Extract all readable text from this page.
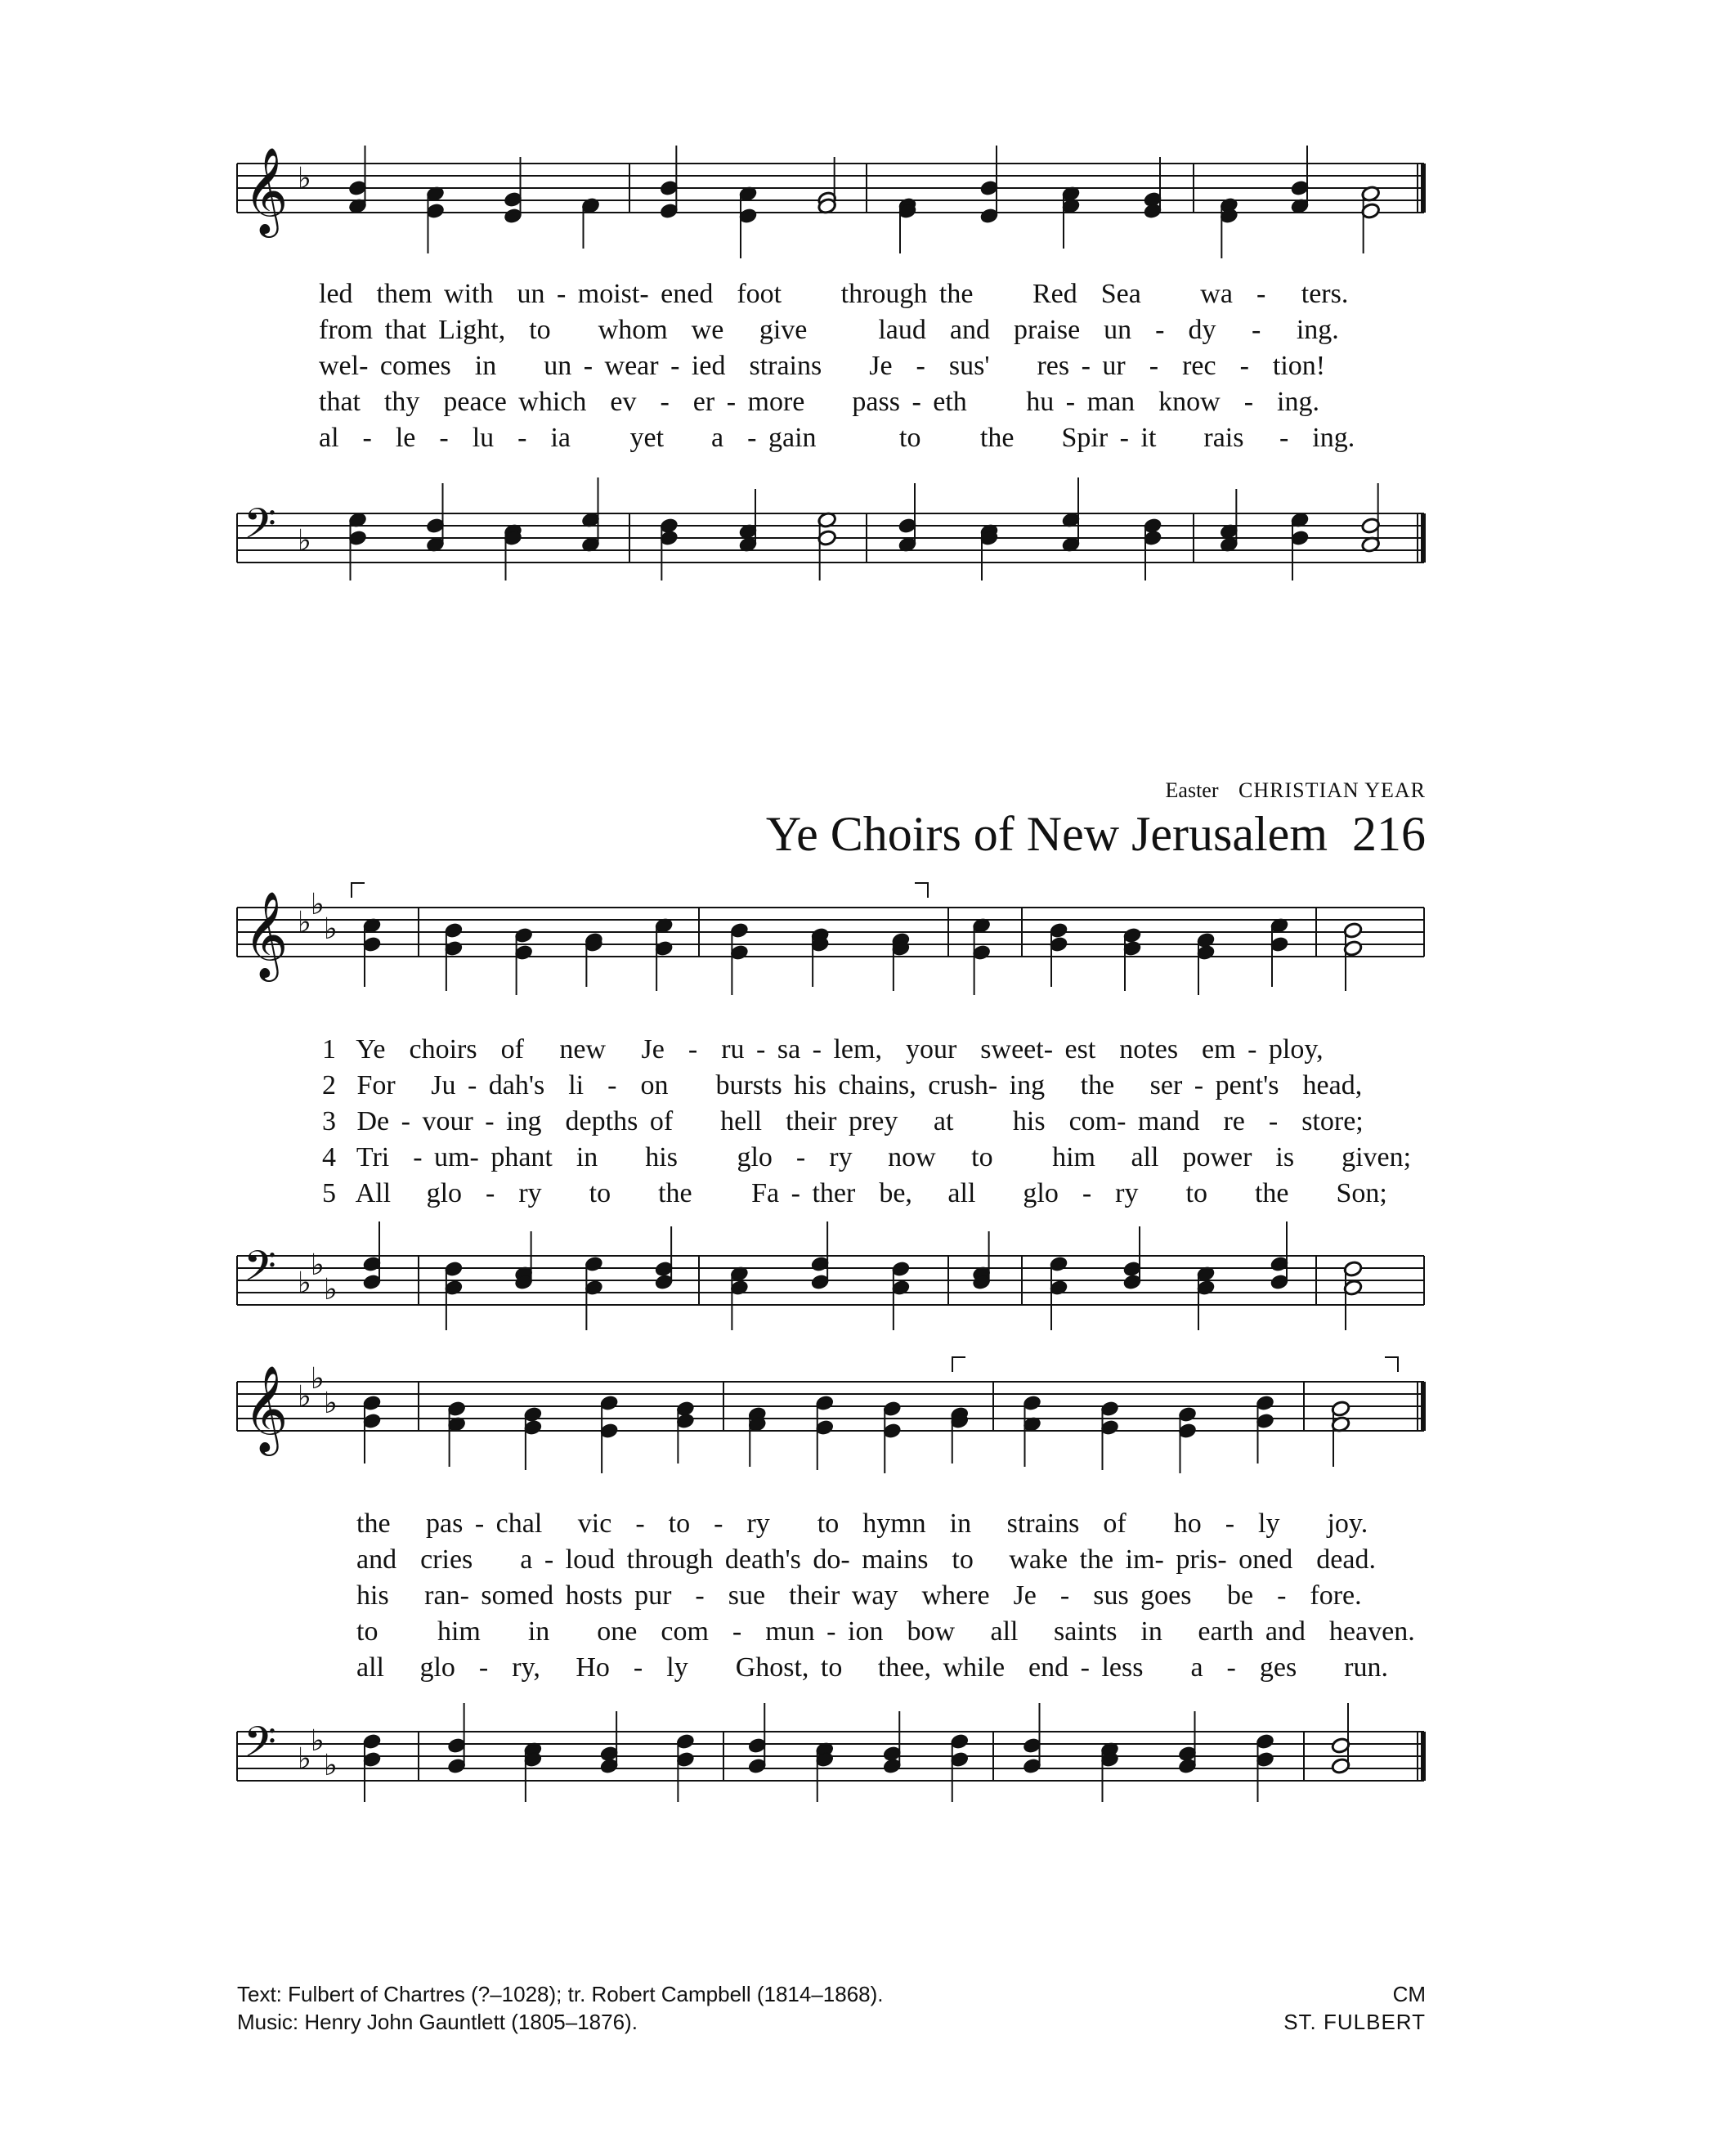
𝄞 ♭
𝄢 ♭
𝄞 ♭
♭
♭
𝄢 ♭
♭
♭
𝄞 ♭
♭
♭
𝄢 ♭
♭
♭
led  them with  un - moist- ened  foot     through the     Red  Sea     wa  -   ters.
from that Light,  to    whom  we   give      laud  and  praise  un  -  dy   -   ing.
wel- comes  in    un - wear - ied  strains    Je  -  sus'    res - ur  -  rec  -  tion!
that  thy  peace which  ev  -  er - more    pass - eth     hu - man  know  -  ing.
al  -  le  -  lu  -  ia     yet    a  - gain       to     the    Spir - it    rais   -  ing.
Easter CHRISTIAN YEAR
Ye Choirs of New Jerusalem 216
1 Ye  choirs  of   new   Je  -  ru - sa - lem,  your  sweet- est  notes  em - ploy,
2 For   Ju - dah's  li  -  on    bursts his chains, crush- ing   the   ser - pent's  head,
3 De - vour - ing  depths of    hell  their prey   at     his  com- mand  re  -  store;
4 Tri  - um- phant  in    his     glo  -  ry   now   to     him   all  power  is    given;
5 All   glo  -  ry    to    the     Fa - ther  be,   all    glo  -  ry    to    the    Son;
the   pas - chal   vic  -  to  -  ry    to  hymn  in   strains  of    ho  -  ly    joy.
and  cries    a - loud through death's do- mains  to   wake the im- pris- oned  dead.
his   ran- somed hosts pur  -  sue  their way  where  Je  -  sus goes   be  -  fore.
to     him    in    one  com  -  mun - ion  bow   all   saints  in   earth and  heaven.
all   glo  -  ry,   Ho  -  ly    Ghost, to   thee, while  end - less    a  -  ges    run.
Text: Fulbert of Chartres (?–1028); tr. Robert Campbell (1814–1868).
Music: Henry John Gauntlett (1805–1876).
CM
ST. FULBERT
